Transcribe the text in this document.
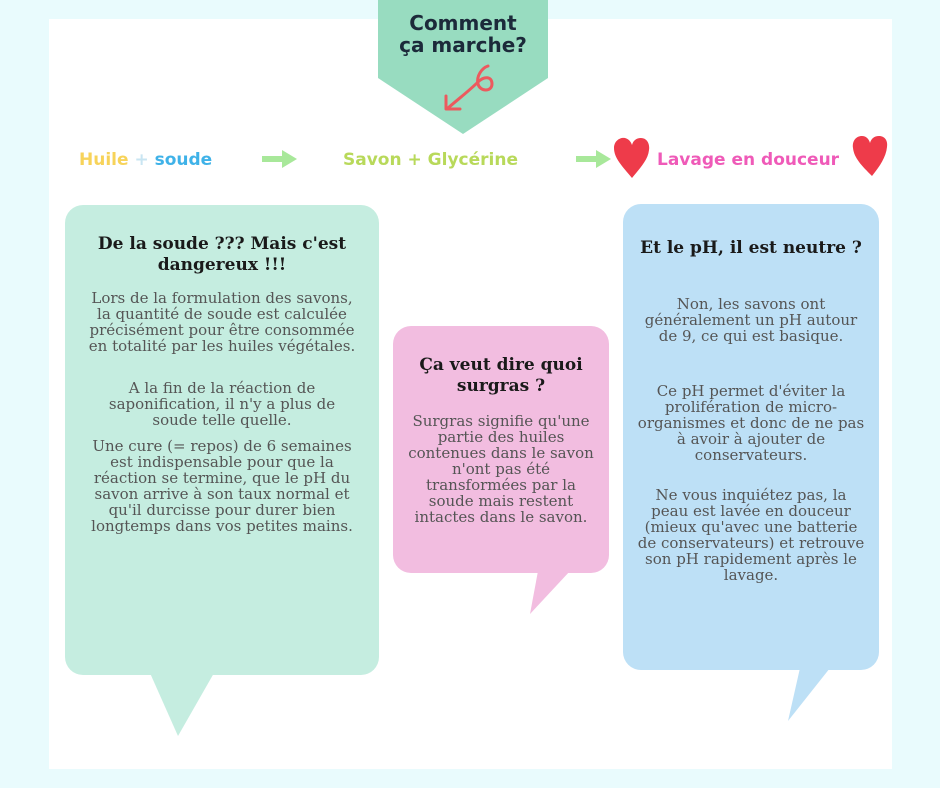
Comment
ça marche?
Huile + soude	Savon + Glycérine	Lavage en douceur
De la soude ??? Mais c'est dangereux !!!
Lors de la formulation des savons, la quantité de soude est calculée précisément pour être consommée en totalité par les huiles végétales.
A la fin de la réaction de saponification, il n'y a plus de soude telle quelle.
Une cure (= repos) de 6 semaines est indispensable pour que la réaction se termine, que le pH du savon arrive à son taux normal et qu'il durcisse pour durer bien longtemps dans vos petites mains.
Ça veut dire quoi surgras ?
Surgras signifie qu'une partie des huiles contenues dans le savon n'ont pas été transformées par la soude mais restent intactes dans le savon.
Et le pH, il est neutre ?
Non, les savons ont généralement un pH autour de 9, ce qui est basique.
Ce pH permet d'éviter la prolifération de micro-organismes et donc de ne pas à avoir à ajouter de conservateurs.
Ne vous inquiétez pas, la peau est lavée en douceur (mieux qu'avec une batterie de conservateurs) et retrouve son pH rapidement après le lavage.
